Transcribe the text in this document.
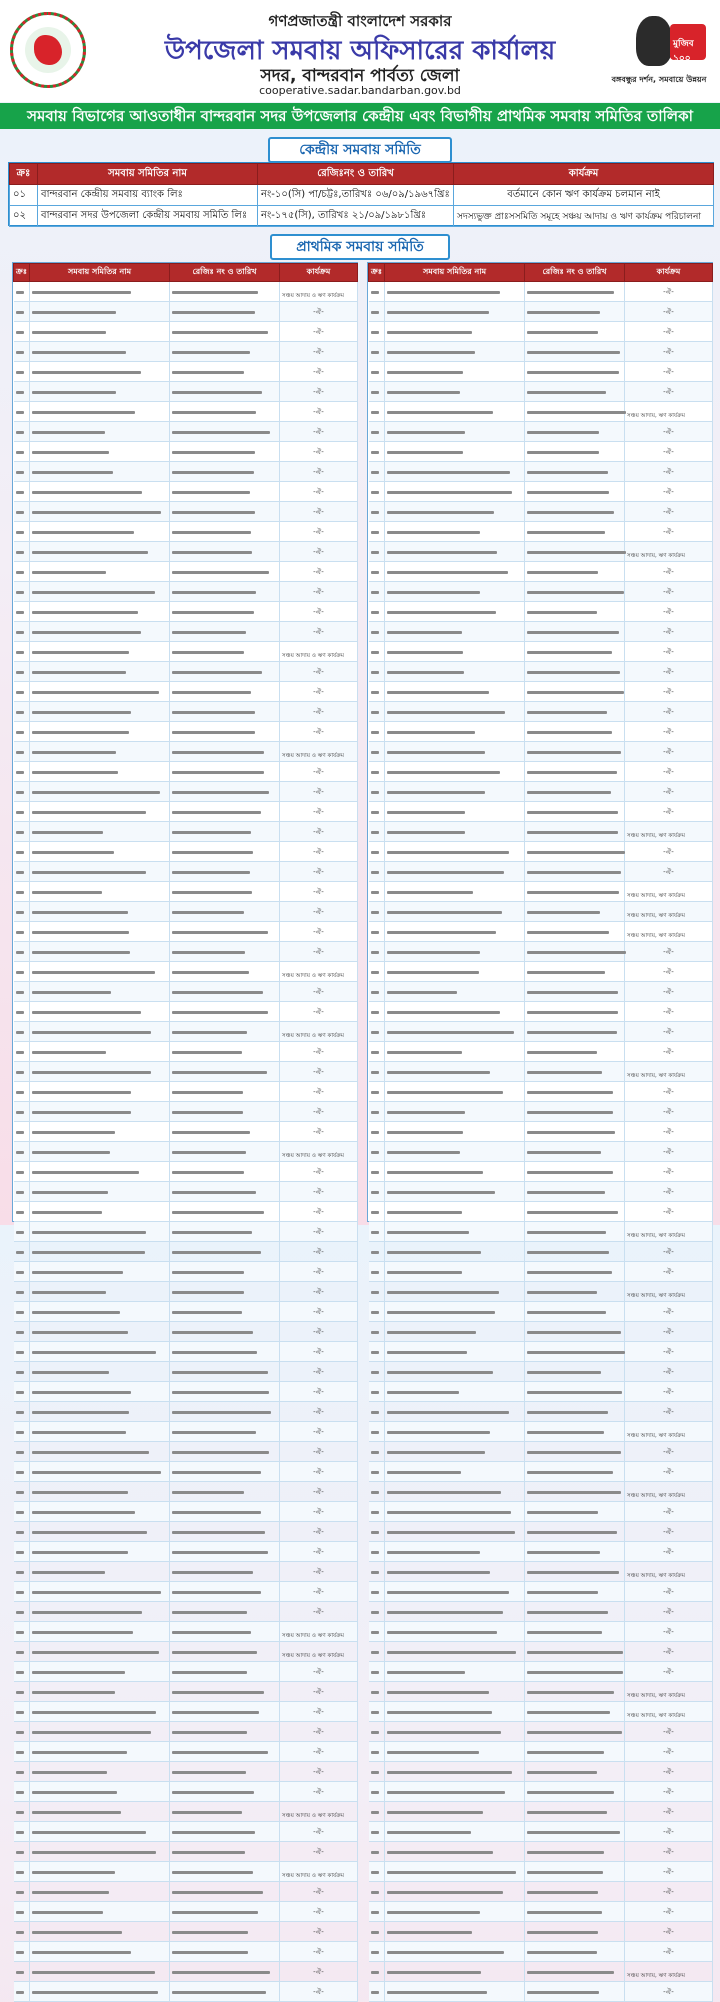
গণপ্রজাতন্ত্রী বাংলাদেশ সরকার
উপজেলা সমবায় অফিসারের কার্যালয়
সদর, বান্দরবান পার্বত্য জেলা
cooperative.sadar.bandarban.gov.bd
মুজিব ১০০
বঙ্গবন্ধুর দর্শন, সমবায়ে উন্নয়ন
সমবায় বিভাগের আওতাধীন বান্দরবান সদর উপজেলার কেন্দ্রীয় এবং বিভাগীয় প্রাথমিক সমবায় সমিতির তালিকা
কেন্দ্রীয় সমবায় সমিতি
ক্রঃ	সমবায় সমিতির নাম	রেজিঃনং ও তারিখ	কার্যক্রম
০১	বান্দরবান কেন্দ্রীয় সমবায় ব্যাংক লিঃ	নং-১০(সি) পা/চট্টঃ,তারিখঃ ০৬/০৯/১৯৬৭খ্রিঃ	বর্তমানে কোন ঋণ কার্যক্রম চলমান নাই
০২	বান্দরবান সদর উপজেলা কেন্দ্রীয় সমবায় সমিতি লিঃ	নং-১৭৫(সি), তারিখঃ ২১/০৯/১৯৮১খ্রিঃ	সদস্যভুক্ত প্রাঃসসমিতি সমূহে সঞ্চয় আদায় ও ঋণ কার্যক্রম পরিচালনা
প্রাথমিক সমবায় সমিতি
ক্রঃ	সমবায় সমিতির নাম	রেজিঃ নং ও তারিখ	কার্যক্রম
			সঞ্চয় আদায় ও ঋণ কার্যক্রম

			-ঐ-

			-ঐ-

			-ঐ-

			-ঐ-

			-ঐ-

			-ঐ-

			-ঐ-

			-ঐ-

			-ঐ-

			-ঐ-

			-ঐ-

			-ঐ-

			-ঐ-

			-ঐ-

			-ঐ-

			-ঐ-

			-ঐ-

			সঞ্চয় আদায় ও ঋণ কার্যক্রম

			-ঐ-

			-ঐ-

			-ঐ-

			-ঐ-

			সঞ্চয় আদায় ও ঋণ কার্যক্রম

			-ঐ-

			-ঐ-

			-ঐ-

			-ঐ-

			-ঐ-

			-ঐ-

			-ঐ-

			-ঐ-

			-ঐ-

			-ঐ-

			সঞ্চয় আদায় ও ঋণ কার্যক্রম

			-ঐ-

			-ঐ-

			সঞ্চয় আদায় ও ঋণ কার্যক্রম

			-ঐ-

			-ঐ-

			-ঐ-

			-ঐ-

			-ঐ-

			সঞ্চয় আদায় ও ঋণ কার্যক্রম

			-ঐ-

			-ঐ-

			-ঐ-

			-ঐ-

			-ঐ-

			-ঐ-

			-ঐ-

			-ঐ-

			-ঐ-

			-ঐ-

			-ঐ-

			-ঐ-

			-ঐ-

			-ঐ-

			-ঐ-

			-ঐ-

			-ঐ-

			-ঐ-

			-ঐ-

			-ঐ-

			-ঐ-

			-ঐ-

			-ঐ-

			সঞ্চয় আদায় ও ঋণ কার্যক্রম
			সঞ্চয় আদায় ও ঋণ কার্যক্রম

			-ঐ-

			-ঐ-

			-ঐ-

			-ঐ-

			-ঐ-

			-ঐ-

			-ঐ-

			সঞ্চয় আদায় ও ঋণ কার্যক্রম

			-ঐ-

			-ঐ-

			সঞ্চয় আদায় ও ঋণ কার্যক্রম

			-ঐ-

			-ঐ-

			-ঐ-

			-ঐ-

			-ঐ-

			-ঐ-
ক্রঃ	সমবায় সমিতির নাম	রেজিঃ নং ও তারিখ	কার্যক্রম

			-ঐ-

			-ঐ-

			-ঐ-

			-ঐ-

			-ঐ-

			-ঐ-

			সঞ্চয় আদায়, ঋণ কার্যক্রম

			-ঐ-

			-ঐ-

			-ঐ-

			-ঐ-

			-ঐ-

			-ঐ-

			সঞ্চয় আদায়, ঋণ কার্যক্রম

			-ঐ-

			-ঐ-

			-ঐ-

			-ঐ-

			-ঐ-

			-ঐ-

			-ঐ-

			-ঐ-

			-ঐ-

			-ঐ-

			-ঐ-

			-ঐ-

			-ঐ-

			সঞ্চয় আদায়, ঋণ কার্যক্রম

			-ঐ-

			-ঐ-

			সঞ্চয় আদায়, ঋণ কার্যক্রম
			সঞ্চয় আদায়, ঋণ কার্যক্রম
			সঞ্চয় আদায়, ঋণ কার্যক্রম

			-ঐ-

			-ঐ-

			-ঐ-

			-ঐ-

			-ঐ-

			-ঐ-

			সঞ্চয় আদায়, ঋণ কার্যক্রম

			-ঐ-

			-ঐ-

			-ঐ-

			-ঐ-

			-ঐ-

			-ঐ-

			-ঐ-

			সঞ্চয় আদায়, ঋণ কার্যক্রম

			-ঐ-

			-ঐ-

			সঞ্চয় আদায়, ঋণ কার্যক্রম

			-ঐ-

			-ঐ-

			-ঐ-

			-ঐ-

			-ঐ-

			-ঐ-

			সঞ্চয় আদায়, ঋণ কার্যক্রম

			-ঐ-

			-ঐ-

			সঞ্চয় আদায়, ঋণ কার্যক্রম

			-ঐ-

			-ঐ-

			-ঐ-

			সঞ্চয় আদায়, ঋণ কার্যক্রম

			-ঐ-

			-ঐ-

			-ঐ-

			-ঐ-

			-ঐ-

			সঞ্চয় আদায়, ঋণ কার্যক্রম
			সঞ্চয় আদায়, ঋণ কার্যক্রম

			-ঐ-

			-ঐ-

			-ঐ-

			-ঐ-

			-ঐ-

			-ঐ-

			-ঐ-

			-ঐ-

			-ঐ-

			-ঐ-

			-ঐ-

			-ঐ-

			সঞ্চয় আদায়, ঋণ কার্যক্রম

			-ঐ-
